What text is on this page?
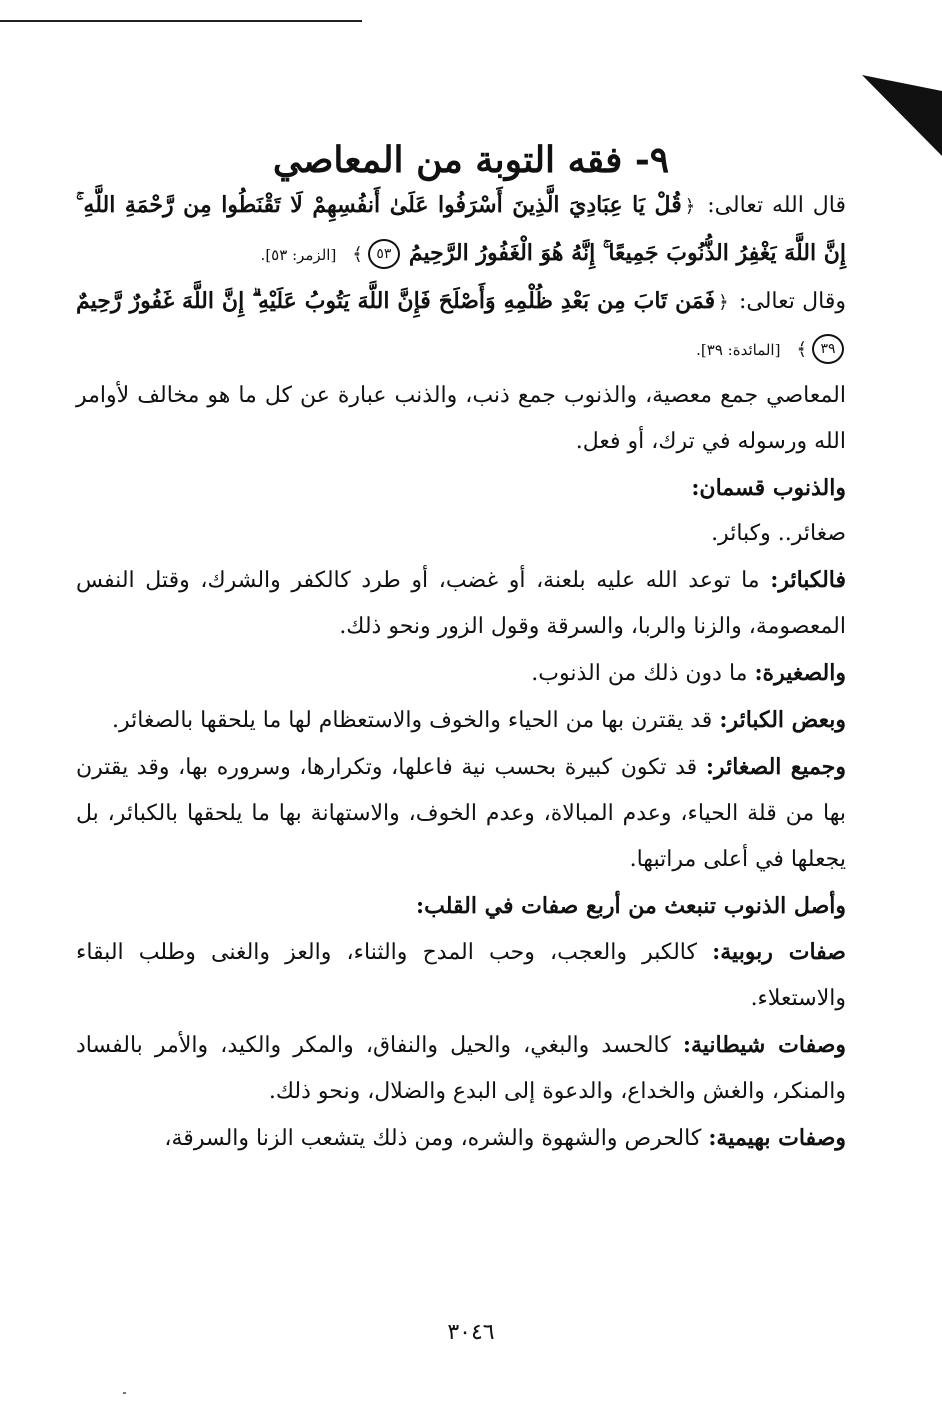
٩- فقه التوبة من المعاصي

قال الله تعالى: ﴿قُلْ يَا عِبَادِيَ الَّذِينَ أَسْرَفُوا عَلَىٰ أَنفُسِهِمْ لَا تَقْنَطُوا مِن رَّحْمَةِ اللَّهِ ۚ إِنَّ اللَّهَ يَغْفِرُ الذُّنُوبَ جَمِيعًا ۚ إِنَّهُ هُوَ الْغَفُورُ الرَّحِيمُ ٥٣﴾ [الزمر: ٥٣].

وقال تعالى: ﴿فَمَن تَابَ مِن بَعْدِ ظُلْمِهِ وَأَصْلَحَ فَإِنَّ اللَّهَ يَتُوبُ عَلَيْهِ ۗ إِنَّ اللَّهَ غَفُورٌ رَّحِيمٌ ٣٩﴾ [المائدة: ٣٩].

المعاصي جمع معصية، والذنوب جمع ذنب، والذنب عبارة عن كل ما هو مخالف لأوامر الله ورسوله في ترك، أو فعل.

والذنوب قسمان:

صغائر.. وكبائر.

فالكبائر: ما توعد الله عليه بلعنة، أو غضب، أو طرد كالكفر والشرك، وقتل النفس المعصومة، والزنا والربا، والسرقة وقول الزور ونحو ذلك.

والصغيرة: ما دون ذلك من الذنوب.

وبعض الكبائر: قد يقترن بها من الحياء والخوف والاستعظام لها ما يلحقها بالصغائر.

وجميع الصغائر: قد تكون كبيرة بحسب نية فاعلها، وتكرارها، وسروره بها، وقد يقترن بها من قلة الحياء، وعدم المبالاة، وعدم الخوف، والاستهانة بها ما يلحقها بالكبائر، بل يجعلها في أعلى مراتبها.

وأصل الذنوب تنبعث من أربع صفات في القلب:

صفات ربوبية: كالكبر والعجب، وحب المدح والثناء، والعز والغنى وطلب البقاء والاستعلاء.

وصفات شيطانية: كالحسد والبغي، والحيل والنفاق، والمكر والكيد، والأمر بالفساد والمنكر، والغش والخداع، والدعوة إلى البدع والضلال، ونحو ذلك.

وصفات بهيمية: كالحرص والشهوة والشره، ومن ذلك يتشعب الزنا والسرقة،

٣٠٤٦
